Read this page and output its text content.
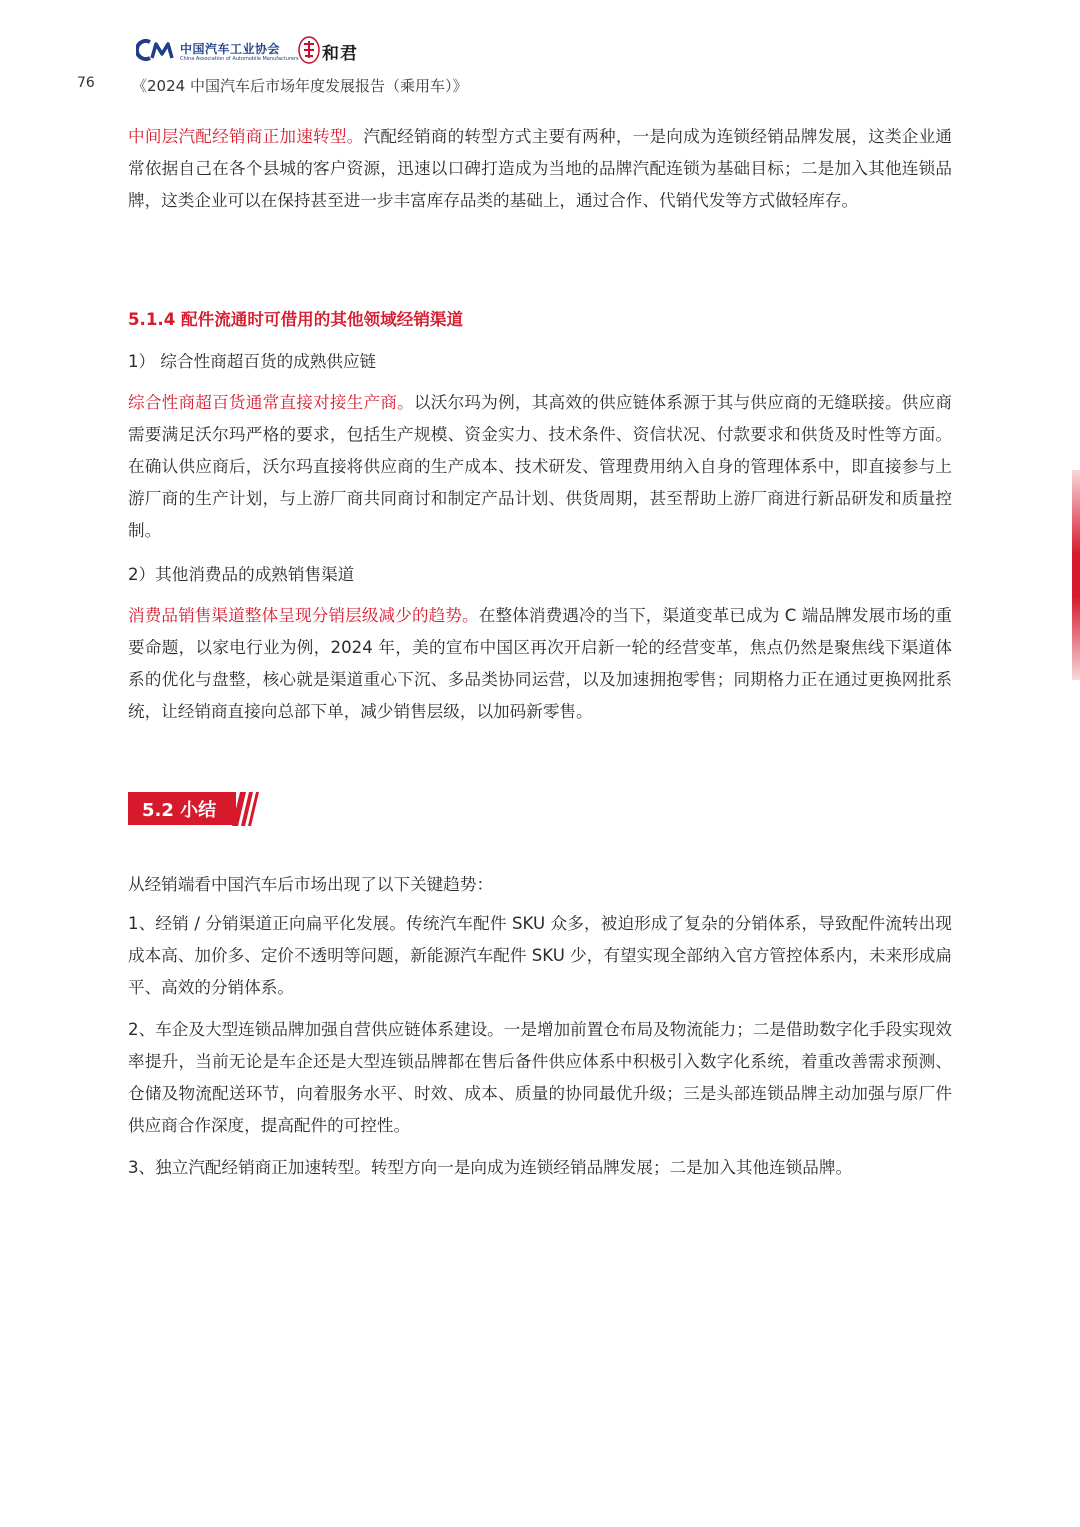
中国汽车工业协会
China Association of Automobile Manufacturers 和君
76 《2024 中国汽车后市场年度发展报告（乘用车）》

中间层汽配经销商正加速转型。汽配经销商的转型方式主要有两种，一是向成为连锁经销品牌发展，这类企业通常依据自己在各个县城的客户资源，迅速以口碑打造成为当地的品牌汽配连锁为基础目标；二是加入其他连锁品牌，这类企业可以在保持甚至进一步丰富库存品类的基础上，通过合作、代销代发等方式做轻库存。

5.1.4 配件流通时可借用的其他领域经销渠道
1） 综合性商超百货的成熟供应链

综合性商超百货通常直接对接生产商。以沃尔玛为例，其高效的供应链体系源于其与供应商的无缝联接。供应商需要满足沃尔玛严格的要求，包括生产规模、资金实力、技术条件、资信状况、付款要求和供货及时性等方面。在确认供应商后，沃尔玛直接将供应商的生产成本、技术研发、管理费用纳入自身的管理体系中，即直接参与上游厂商的生产计划，与上游厂商共同商讨和制定产品计划、供货周期，甚至帮助上游厂商进行新品研发和质量控制。

2）其他消费品的成熟销售渠道

消费品销售渠道整体呈现分销层级减少的趋势。在整体消费遇冷的当下，渠道变革已成为 C 端品牌发展市场的重要命题，以家电行业为例，2024 年，美的宣布中国区再次开启新一轮的经营变革，焦点仍然是聚焦线下渠道体系的优化与盘整，核心就是渠道重心下沉、多品类协同运营，以及加速拥抱零售；同期格力正在通过更换网批系统，让经销商直接向总部下单，减少销售层级，以加码新零售。

5.2 小结
从经销端看中国汽车后市场出现了以下关键趋势：

1、经销 / 分销渠道正向扁平化发展。传统汽车配件 SKU 众多，被迫形成了复杂的分销体系，导致配件流转出现成本高、加价多、定价不透明等问题，新能源汽车配件 SKU 少，有望实现全部纳入官方管控体系内，未来形成扁平、高效的分销体系。

2、车企及大型连锁品牌加强自营供应链体系建设。一是增加前置仓布局及物流能力；二是借助数字化手段实现效率提升，当前无论是车企还是大型连锁品牌都在售后备件供应体系中积极引入数字化系统，着重改善需求预测、仓储及物流配送环节，向着服务水平、时效、成本、质量的协同最优升级；三是头部连锁品牌主动加强与原厂件供应商合作深度，提高配件的可控性。

3、独立汽配经销商正加速转型。转型方向一是向成为连锁经销品牌发展；二是加入其他连锁品牌。
